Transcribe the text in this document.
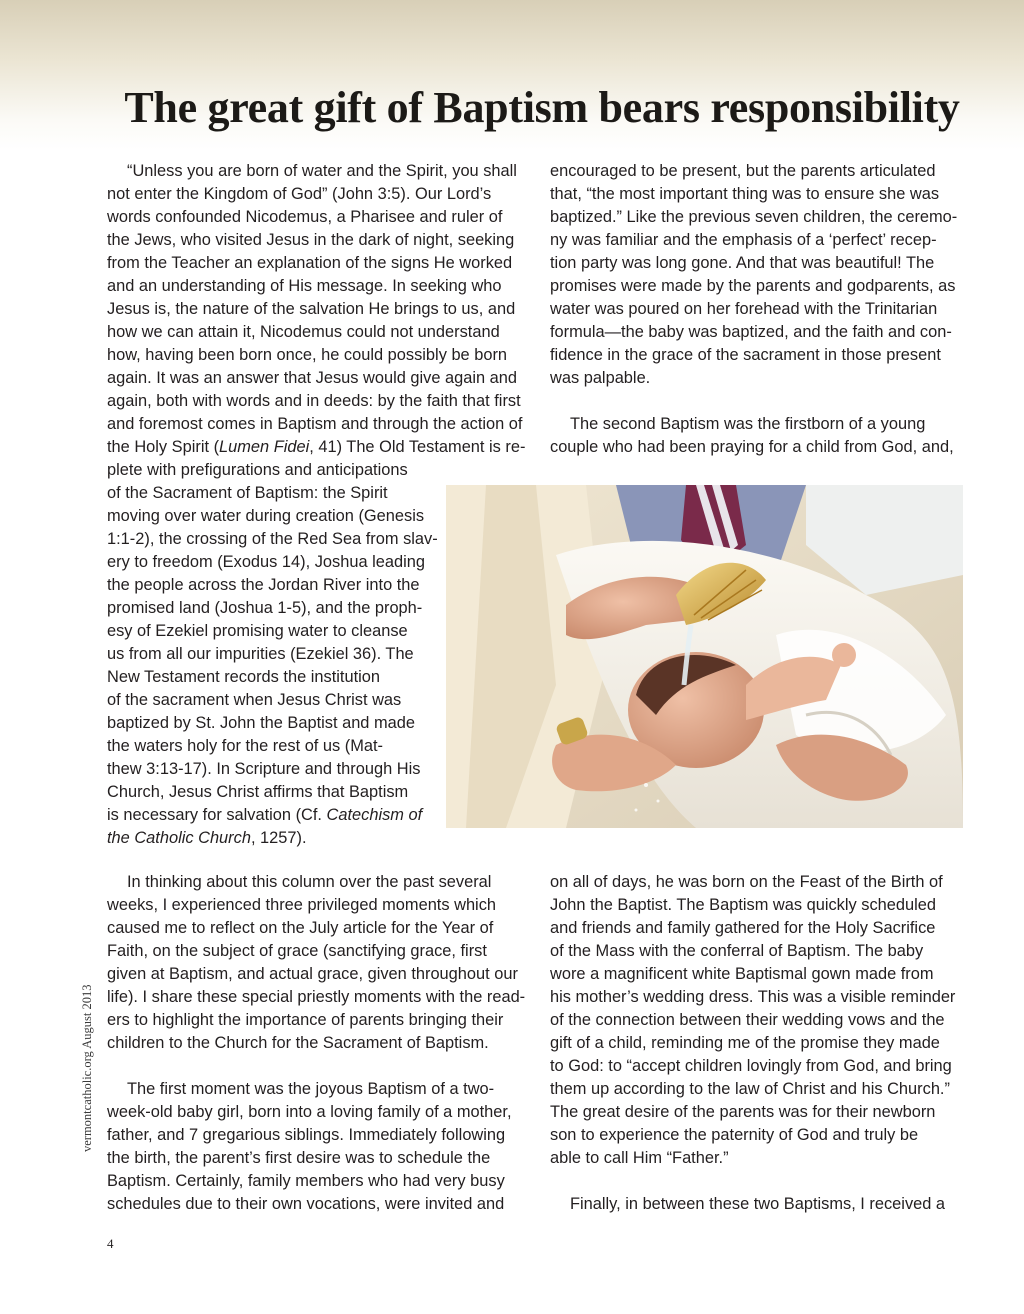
The great gift of Baptism bears responsibility

“Unless you are born of water and the Spirit, you shall

not enter the Kingdom of God” (John 3:5). Our Lord’s

words confounded Nicodemus, a Pharisee and ruler of

the Jews, who visited Jesus in the dark of night, seeking

from the Teacher an explanation of the signs He worked

and an understanding of His message. In seeking who

Jesus is, the nature of the salvation He brings to us, and

how we can attain it, Nicodemus could not understand

how, having been born once, he could possibly be born

again. It was an answer that Jesus would give again and

again, both with words and in deeds: by the faith that first

and foremost comes in Baptism and through the action of

the Holy Spirit (Lumen Fidei, 41) The Old Testament is re-

plete with prefigurations and anticipations

of the Sacrament of Baptism: the Spirit

moving over water during creation (Genesis

1:1-2), the crossing of the Red Sea from slav-

ery to freedom (Exodus 14), Joshua leading

the people across the Jordan River into the

promised land (Joshua 1-5), and the proph-

esy of Ezekiel promising water to cleanse

us from all our impurities (Ezekiel 36). The

New Testament records the institution

of the sacrament when Jesus Christ was

baptized by St. John the Baptist and made

the waters holy for the rest of us (Mat-

thew 3:13-17). In Scripture and through His

Church, Jesus Christ affirms that Baptism

is necessary for salvation (Cf. Catechism of

the Catholic Church, 1257).

In thinking about this column over the past several

weeks, I experienced three privileged moments which

caused me to reflect on the July article for the Year of

Faith, on the subject of grace (sanctifying grace, first

given at Baptism, and actual grace, given throughout our

life). I share these special priestly moments with the read-

ers to highlight the importance of parents bringing their

children to the Church for the Sacrament of Baptism.

The first moment was the joyous Baptism of a two-

week-old baby girl, born into a loving family of a mother,

father, and 7 gregarious siblings. Immediately following

the birth, the parent’s first desire was to schedule the

Baptism. Certainly, family members who had very busy

schedules due to their own vocations, were invited and

encouraged to be present, but the parents articulated

that, “the most important thing was to ensure she was

baptized.” Like the previous seven children, the ceremo-

ny was familiar and the emphasis of a ‘perfect’ recep-

tion party was long gone. And that was beautiful! The

promises were made by the parents and godparents, as

water was poured on her forehead with the Trinitarian

formula—the baby was baptized, and the faith and con-

fidence in the grace of the sacrament in those present

was palpable.

The second Baptism was the firstborn of a young

couple who had been praying for a child from God, and,

on all of days, he was born on the Feast of the Birth of

John the Baptist. The Baptism was quickly scheduled

and friends and family gathered for the Holy Sacrifice

of the Mass with the conferral of Baptism. The baby

wore a magnificent white Baptismal gown made from

his mother’s wedding dress. This was a visible reminder

of the connection between their wedding vows and the

gift of a child, reminding me of the promise they made

to God: to “accept children lovingly from God, and bring

them up according to the law of Christ and his Church.”

The great desire of the parents was for their newborn

son to experience the paternity of God and truly be

able to call Him “Father.”

Finally, in between these two Baptisms, I received a

vermontcatholic.org August 2013
4
